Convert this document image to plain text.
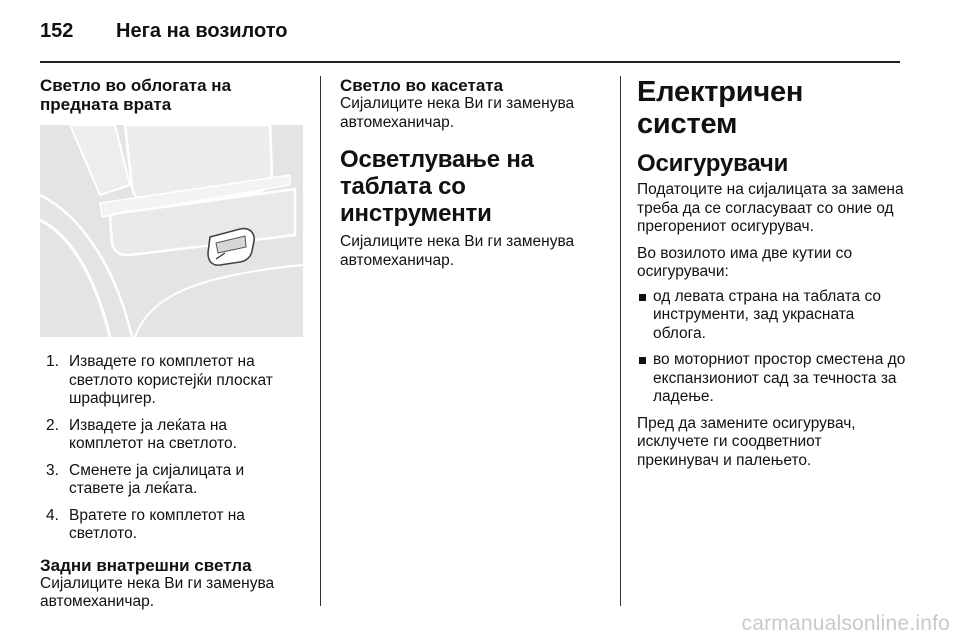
152 Нега на возилото
Светло во облогата на предната врата
1. Извадете го комплетот на светлото користејќи плоскат шрафцигер.
2. Извадете ја леќата на комплетот на светлото.
3. Сменете ја сијалицата и ставете ја леќата.
4. Вратете го комплетот на светлото.
Задни внатрешни светла

Сијалиците нека Ви ги заменува автомеханичар.

Светло во касетата

Сијалиците нека Ви ги заменува автомеханичар.

Осветлување на таблата со инструменти

Сијалиците нека Ви ги заменува автомеханичар.

Електричен систем
Осигурувачи

Податоците на сијалицата за замена треба да се согласуваат со оние од прегорениот осигурувач.

Во возилото има две кутии со осигурувачи:

од левата страна на таблата со инструменти, зад украсната облога.
во моторниот простор сместена до експанзиониот сад за течноста за ладење.

Пред да замените осигурувач, исклучете ги соодветниот прекинувач и палењето.

carmanualsonline.info
